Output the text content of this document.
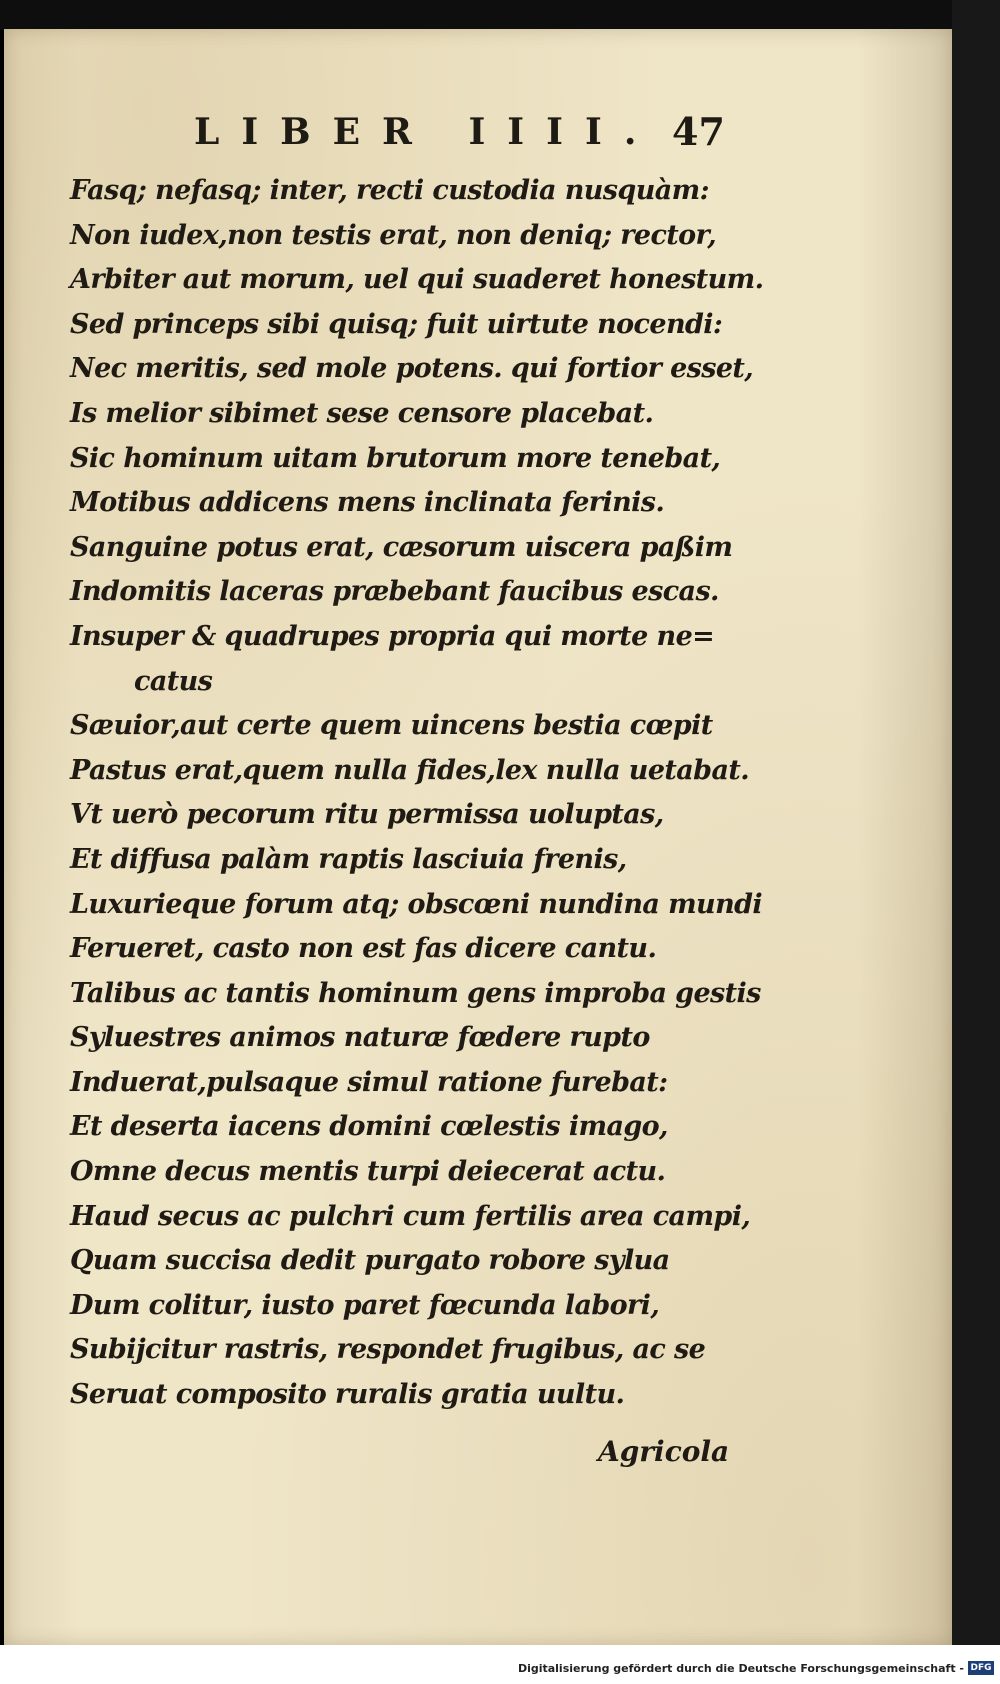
LIBER IIII. 47
Fasq; nefasq; inter, recti custodia nusquàm:
Non iudex,non testis erat, non deniq; rector,
Arbiter aut morum, uel qui suaderet honestum.
Sed princeps sibi quisq; fuit uirtute nocendi:
Nec meritis, sed mole potens. qui fortior esset,
Is melior sibimet sese censore placebat.
Sic hominum uitam brutorum more tenebat,
Motibus addicens mens inclinata ferinis.
Sanguine potus erat, cæsorum uiscera paßim
Indomitis laceras præbebant faucibus escas.
Insuper & quadrupes propria qui morte ne=
catus
Sæuior,aut certe quem uincens bestia cœpit
Pastus erat,quem nulla fides,lex nulla uetabat.
Vt uerò pecorum ritu permissa uoluptas,
Et diffusa palàm raptis lasciuia frenis,
Luxurieque forum atq; obscœni nundina mundi
Ferueret, casto non est fas dicere cantu.
Talibus ac tantis hominum gens improba gestis
Syluestres animos naturæ fœdere rupto
Induerat,pulsaque simul ratione furebat:
Et deserta iacens domini cœlestis imago,
Omne decus mentis turpi deiecerat actu.
Haud secus ac pulchri cum fertilis area campi,
Quam succisa dedit purgato robore sylua
Dum colitur, iusto paret fœcunda labori,
Subijcitur rastris, respondet frugibus, ac se
Seruat composito ruralis gratia uultu.
Agricola
Digitalisierung gefördert durch die Deutsche Forschungsgemeinschaft - DFG
